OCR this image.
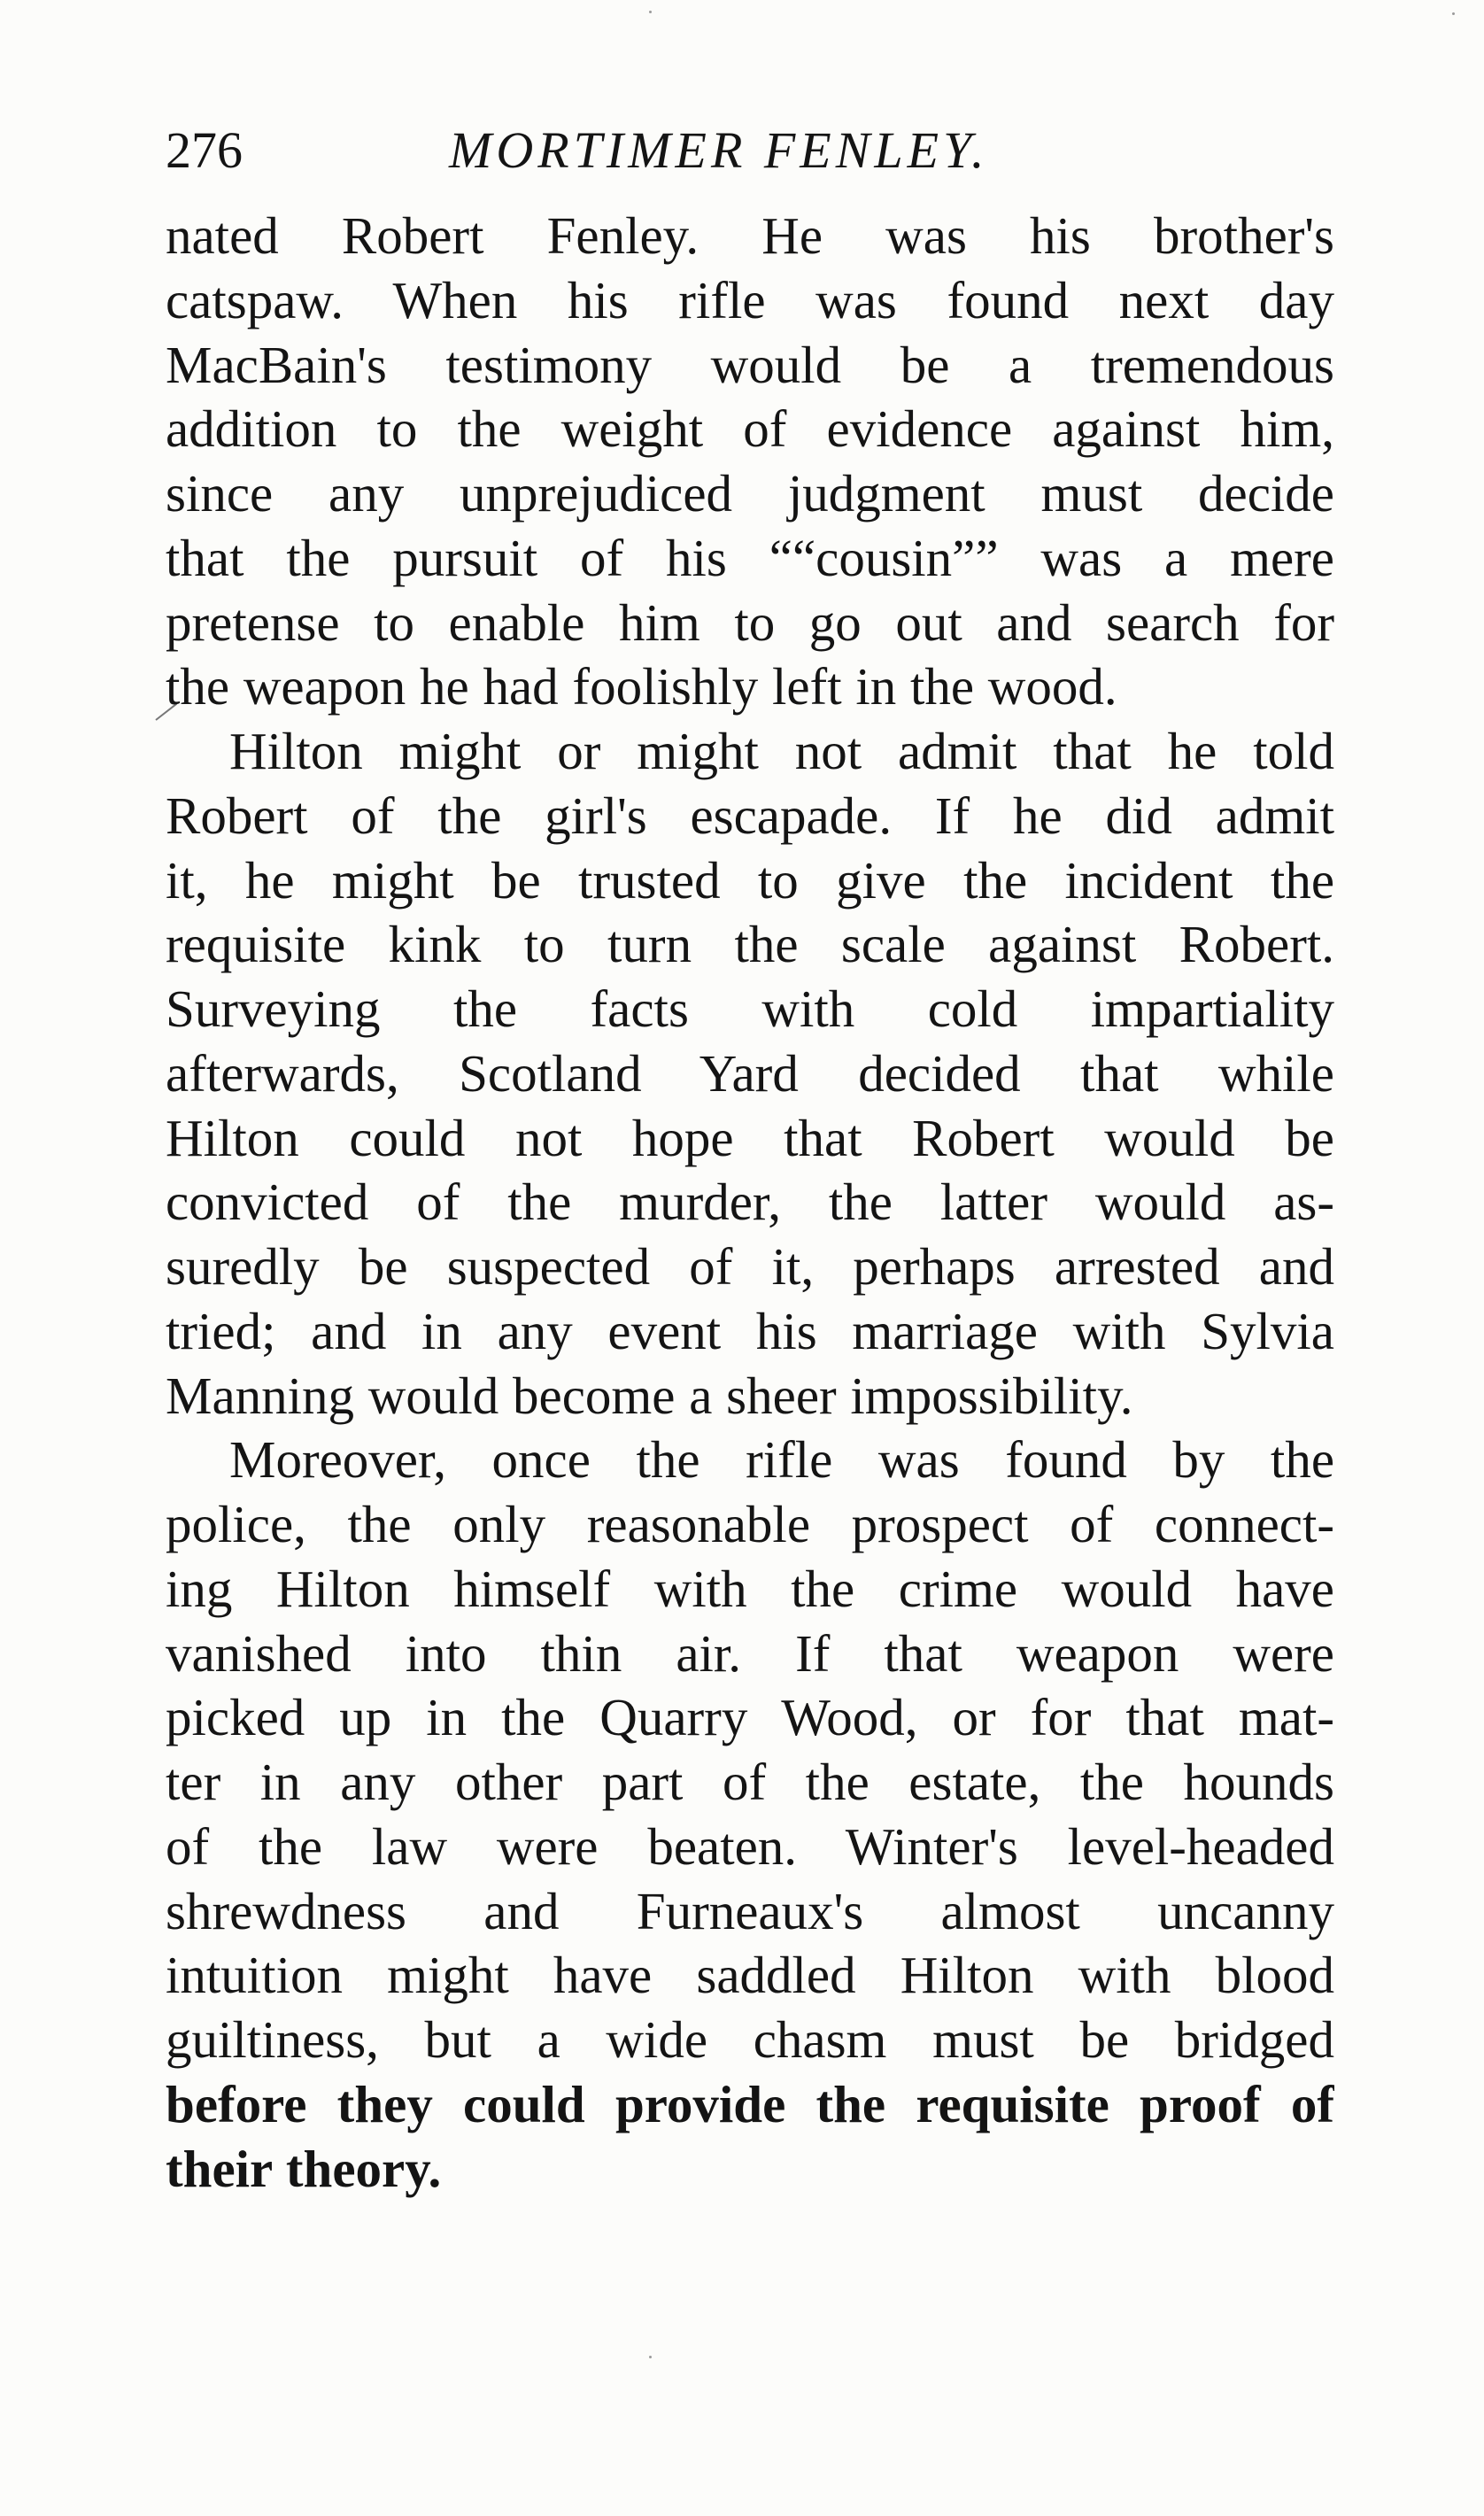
276	MORTIMER FENLEY.
nated Robert Fenley. He was his brother's
catspaw. When his rifle was found next day
MacBain's testimony would be a tremendous
addition to the weight of evidence against him,
since any unprejudiced judgment must decide
that the pursuit of his ““cousin”” was a mere
pretense to enable him to go out and search for
the weapon he had foolishly left in the wood.
Hilton might or might not admit that he told
Robert of the girl's escapade. If he did admit
it, he might be trusted to give the incident the
requisite kink to turn the scale against Robert.
Surveying the facts with cold impartiality
afterwards, Scotland Yard decided that while
Hilton could not hope that Robert would be
convicted of the murder, the latter would as-
suredly be suspected of it, perhaps arrested and
tried; and in any event his marriage with Sylvia
Manning would become a sheer impossibility.
Moreover, once the rifle was found by the
police, the only reasonable prospect of connect-
ing Hilton himself with the crime would have
vanished into thin air. If that weapon were
picked up in the Quarry Wood, or for that mat-
ter in any other part of the estate, the hounds
of the law were beaten. Winter's level-headed
shrewdness and Furneaux's almost uncanny
intuition might have saddled Hilton with blood
guiltiness, but a wide chasm must be bridged
before they could provide the requisite proof of
their theory.
